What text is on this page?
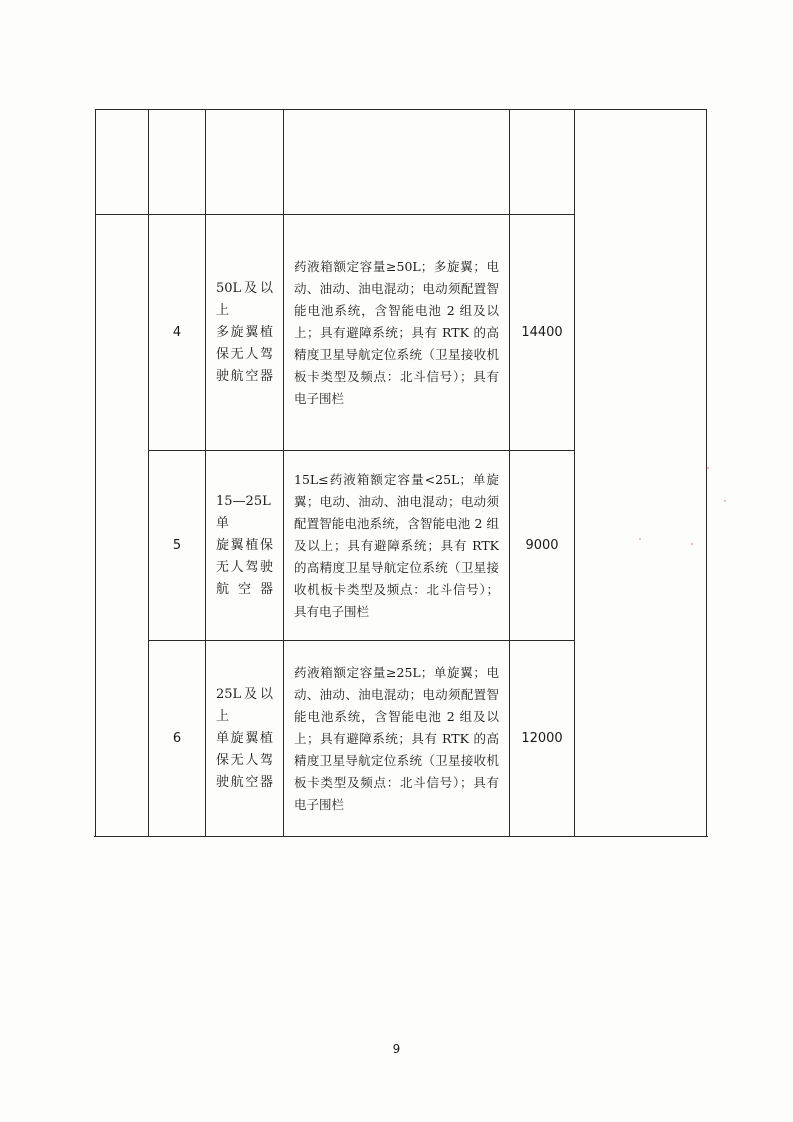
4
50L及以上
多旋翼植
保无人驾
驶航空器
药液箱额定容量≥50L；多旋翼；电动、油动、油电混动；电动须配置智能电池系统，含智能电池 2 组及以上；具有避障系统；具有 RTK 的高精度卫星导航定位系统（卫星接收机板卡类型及频点：北斗信号）；具有电子围栏
14400
5
15—25L单
旋翼植保
无人驾驶
航空器
15L≤药液箱额定容量<25L；单旋翼；电动、油动、油电混动；电动须配置智能电池系统，含智能电池 2 组及以上；具有避障系统；具有 RTK 的高精度卫星导航定位系统（卫星接收机板卡类型及频点：北斗信号）；具有电子围栏
9000
6
25L及以上
单旋翼植
保无人驾
驶航空器
药液箱额定容量≥25L；单旋翼；电动、油动、油电混动；电动须配置智能电池系统，含智能电池 2 组及以上；具有避障系统；具有 RTK 的高精度卫星导航定位系统（卫星接收机板卡类型及频点：北斗信号）；具有电子围栏
12000
9
